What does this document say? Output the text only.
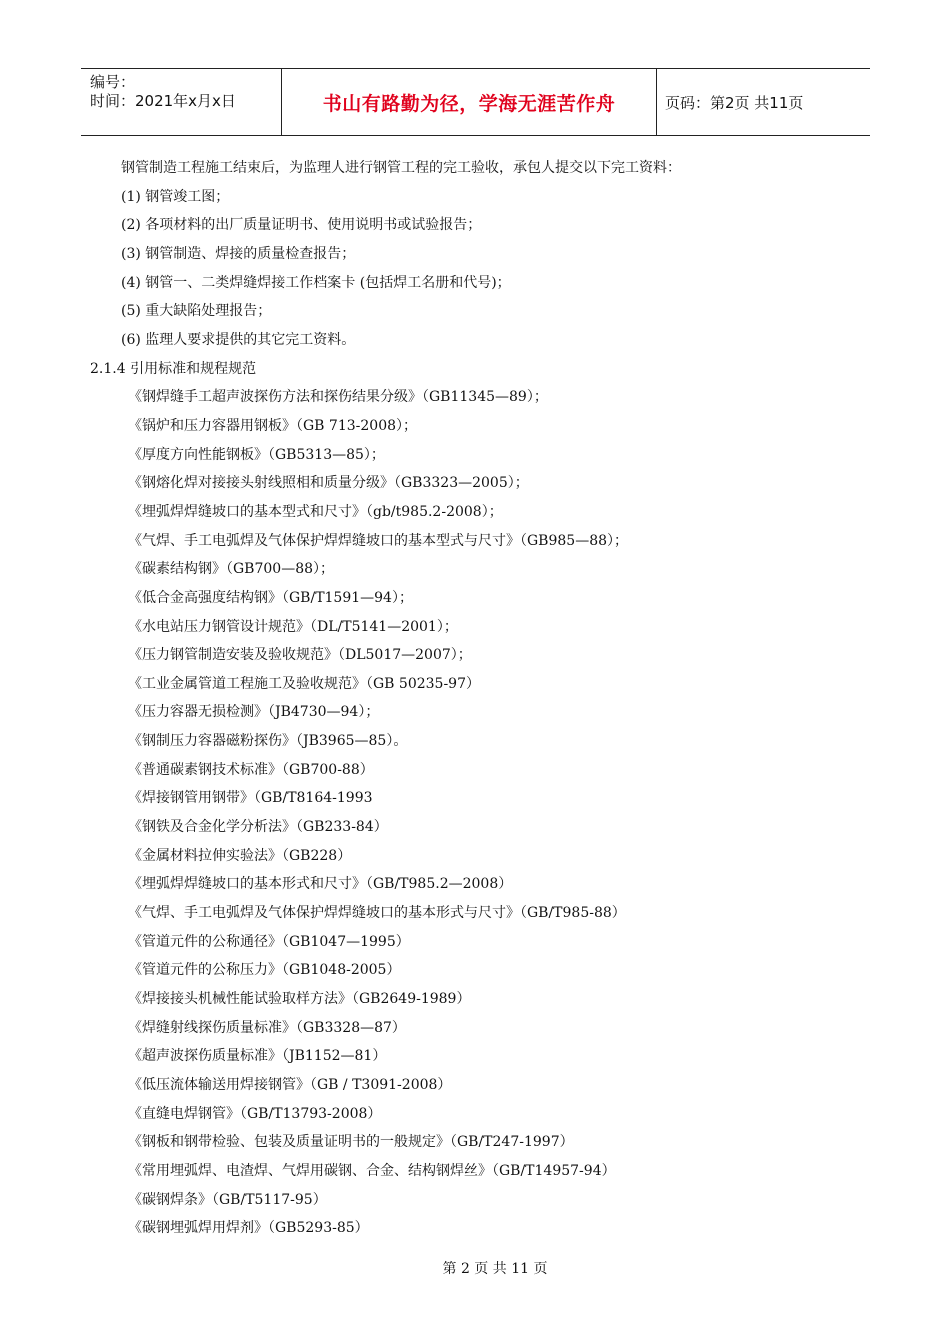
编号：
时间：2021年x月x日	书山有路勤为径，学海无涯苦作舟	页码：第2页 共11页
钢管制造工程施工结束后，为监理人进行钢管工程的完工验收，承包人提交以下完工资料：
(1) 钢管竣工图；
(2) 各项材料的出厂质量证明书、使用说明书或试验报告；
(3) 钢管制造、焊接的质量检查报告；
(4) 钢管一、二类焊缝焊接工作档案卡 (包括焊工名册和代号)；
(5) 重大缺陷处理报告；
(6) 监理人要求提供的其它完工资料。
2.1.4 引用标准和规程规范
《钢焊缝手工超声波探伤方法和探伤结果分级》（GB11345—89）；
《锅炉和压力容器用钢板》（GB 713-2008）；
《厚度方向性能钢板》（GB5313—85）；
《钢熔化焊对接接头射线照相和质量分级》（GB3323—2005）；
《埋弧焊焊缝坡口的基本型式和尺寸》（gb/t985.2-2008）；
《气焊、手工电弧焊及气体保护焊焊缝坡口的基本型式与尺寸》（GB985—88）；
《碳素结构钢》（GB700—88）；
《低合金高强度结构钢》（GB/T1591—94）；
《水电站压力钢管设计规范》（DL/T5141—2001）；
《压力钢管制造安装及验收规范》（DL5017—2007）；
《工业金属管道工程施工及验收规范》（GB 50235-97）
《压力容器无损检测》（JB4730—94）；
《钢制压力容器磁粉探伤》（JB3965—85）。
《普通碳素钢技术标准》（GB700-88）
《焊接钢管用钢带》（GB/T8164-1993
《钢铁及合金化学分析法》（GB233-84）
《金属材料拉伸实验法》（GB228）
《埋弧焊焊缝坡口的基本形式和尺寸》（GB/T985.2—2008）
《气焊、手工电弧焊及气体保护焊焊缝坡口的基本形式与尺寸》（GB/T985-88）
《管道元件的公称通径》（GB1047—1995）
《管道元件的公称压力》（GB1048-2005）
《焊接接头机械性能试验取样方法》（GB2649-1989）
《焊缝射线探伤质量标准》（GB3328—87）
《超声波探伤质量标准》（JB1152—81）
《低压流体输送用焊接钢管》（GB / T3091-2008）
《直缝电焊钢管》（GB/T13793-2008）
《钢板和钢带检验、包装及质量证明书的一般规定》（GB/T247-1997）
《常用埋弧焊、电渣焊、气焊用碳钢、合金、结构钢焊丝》（GB/T14957-94）
《碳钢焊条》（GB/T5117-95）
《碳钢埋弧焊用焊剂》（GB5293-85）
第 2 页 共 11 页
